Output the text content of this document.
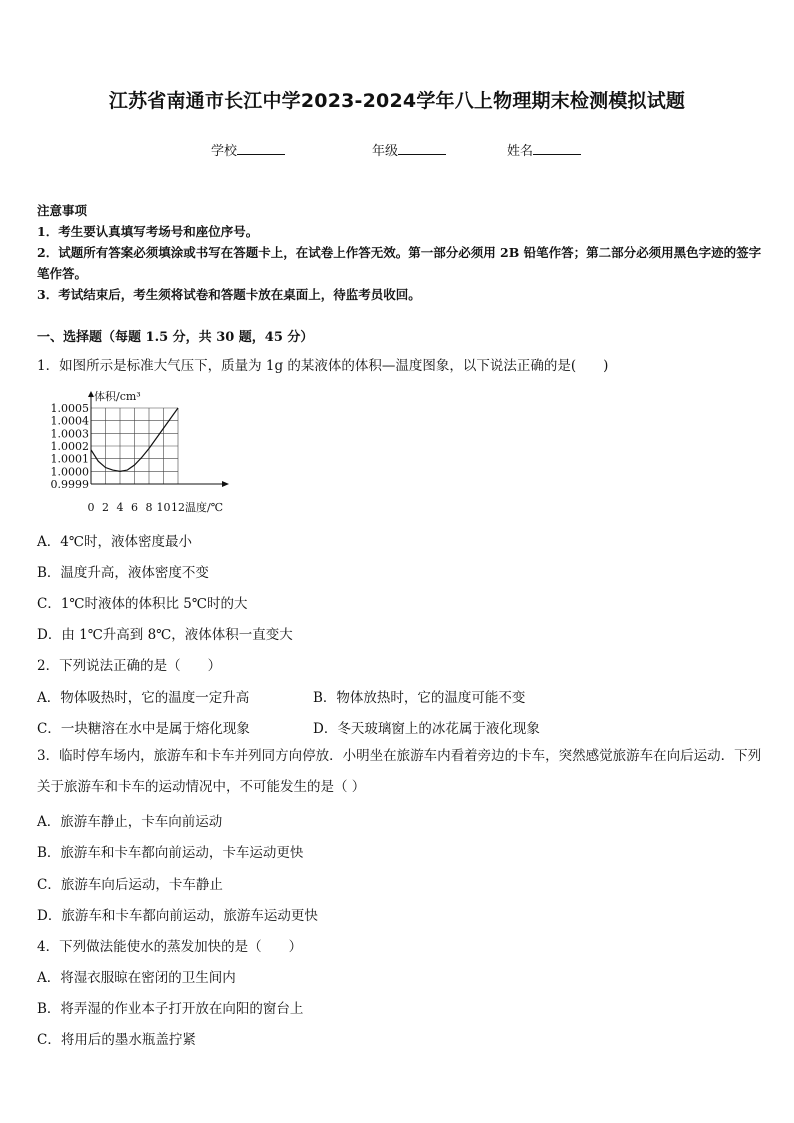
江苏省南通市长江中学2023-2024学年八上物理期末检测模拟试题
学校	年级	姓名
注意事项
1．考生要认真填写考场号和座位序号。
2．试题所有答案必须填涂或书写在答题卡上，在试卷上作答无效。第一部分必须用 2B 铅笔作答；第二部分必须用黑色字迹的签字笔作答。
3．考试结束后，考生须将试卷和答题卡放在桌面上，待监考员收回。
一、选择题（每题 1.5 分，共 30 题，45 分）
1．如图所示是标准大气压下，质量为 1g 的某液体的体积—温度图象，以下说法正确的是(　　)
1.0005
1.0004
1.0003
1.0002
1.0001
1.0000
0.9999
0 2 4 6 8 10 12
体积/cm³
温度/℃
A．4℃时，液体密度最小
B．温度升高，液体密度不变
C．1℃时液体的体积比 5℃时的大
D．由 1℃升高到 8℃，液体体积一直变大
2．下列说法正确的是（　　）
A．物体吸热时，它的温度一定升高	B．物体放热时，它的温度可能不变
C．一块糖溶在水中是属于熔化现象	D．冬天玻璃窗上的冰花属于液化现象
3．临时停车场内，旅游车和卡车并列同方向停放．小明坐在旅游车内看着旁边的卡车，突然感觉旅游车在向后运动．下列关于旅游车和卡车的运动情况中，不可能发生的是（ ）
A．旅游车静止，卡车向前运动
B．旅游车和卡车都向前运动，卡车运动更快
C．旅游车向后运动，卡车静止
D．旅游车和卡车都向前运动，旅游车运动更快
4．下列做法能使水的蒸发加快的是（　　）
A．将湿衣服晾在密闭的卫生间内
B．将弄湿的作业本子打开放在向阳的窗台上
C．将用后的墨水瓶盖拧紧
